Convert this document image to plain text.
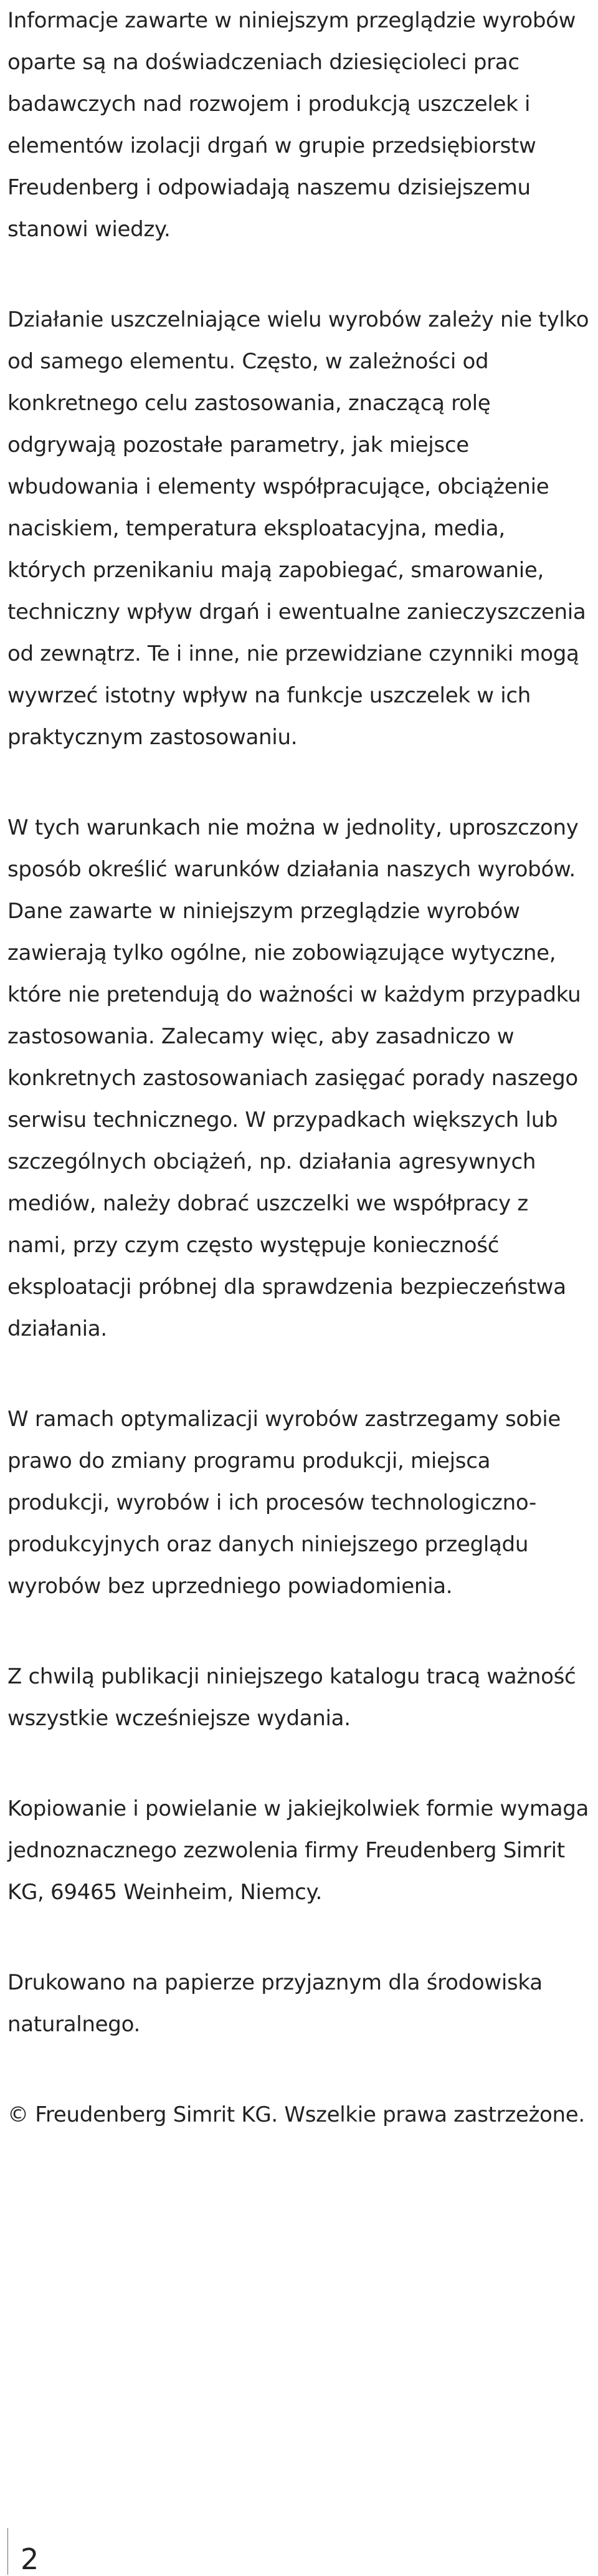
Informacje zawarte w niniejszym przeglądzie wyrobów oparte są na doświadczeniach dziesięcioleci prac badawczych nad rozwojem i produkcją uszczelek i elementów izolacji drgań w grupie przedsiębiorstw Freudenberg i odpowiadają naszemu dzisiejszemu stanowi wiedzy.

Działanie uszczelniające wielu wyrobów zależy nie tylko od samego elementu. Często, w zależności od konkretnego celu zastosowania, znaczącą rolę odgrywają pozostałe parametry, jak miejsce wbudowania i elementy współpracujące, obciążenie naciskiem, temperatura eksploatacyjna, media, których przenikaniu mają zapobiegać, smarowanie, techniczny wpływ drgań i ewentualne zanieczyszczenia od zewnątrz. Te i inne, nie przewidziane czynniki mogą wywrzeć istotny wpływ na funkcje uszczelek w ich praktycznym zastosowaniu.

W tych warunkach nie można w jednolity, uproszczony sposób określić warunków działania naszych wyrobów. Dane zawarte w niniejszym przeglądzie wyrobów zawierają tylko ogólne, nie zobowiązujące wytyczne, które nie pretendują do ważności w każdym przypadku zastosowania. Zalecamy więc, aby zasadniczo w konkretnych zastosowaniach zasięgać porady naszego serwisu technicznego. W przypadkach większych lub szczególnych obciążeń, np. działania agresywnych mediów, należy dobrać uszczelki we współpracy z nami, przy czym często występuje konieczność eksploatacji próbnej dla sprawdzenia bezpieczeństwa działania.

W ramach optymalizacji wyrobów zastrzegamy sobie prawo do zmiany programu produkcji, miejsca produkcji, wyrobów i ich procesów technologiczno-produkcyjnych oraz danych niniejszego przeglądu wyrobów bez uprzedniego powiadomienia.

Z chwilą publikacji niniejszego katalogu tracą ważność wszystkie wcześniejsze wydania.

Kopiowanie i powielanie w jakiejkolwiek formie wymaga jednoznacznego zezwolenia firmy Freudenberg Simrit KG, 69465 Weinheim, Niemcy.

Drukowano na papierze przyjaznym dla środowiska naturalnego.

© Freudenberg Simrit KG. Wszelkie prawa zastrzeżone.

2
